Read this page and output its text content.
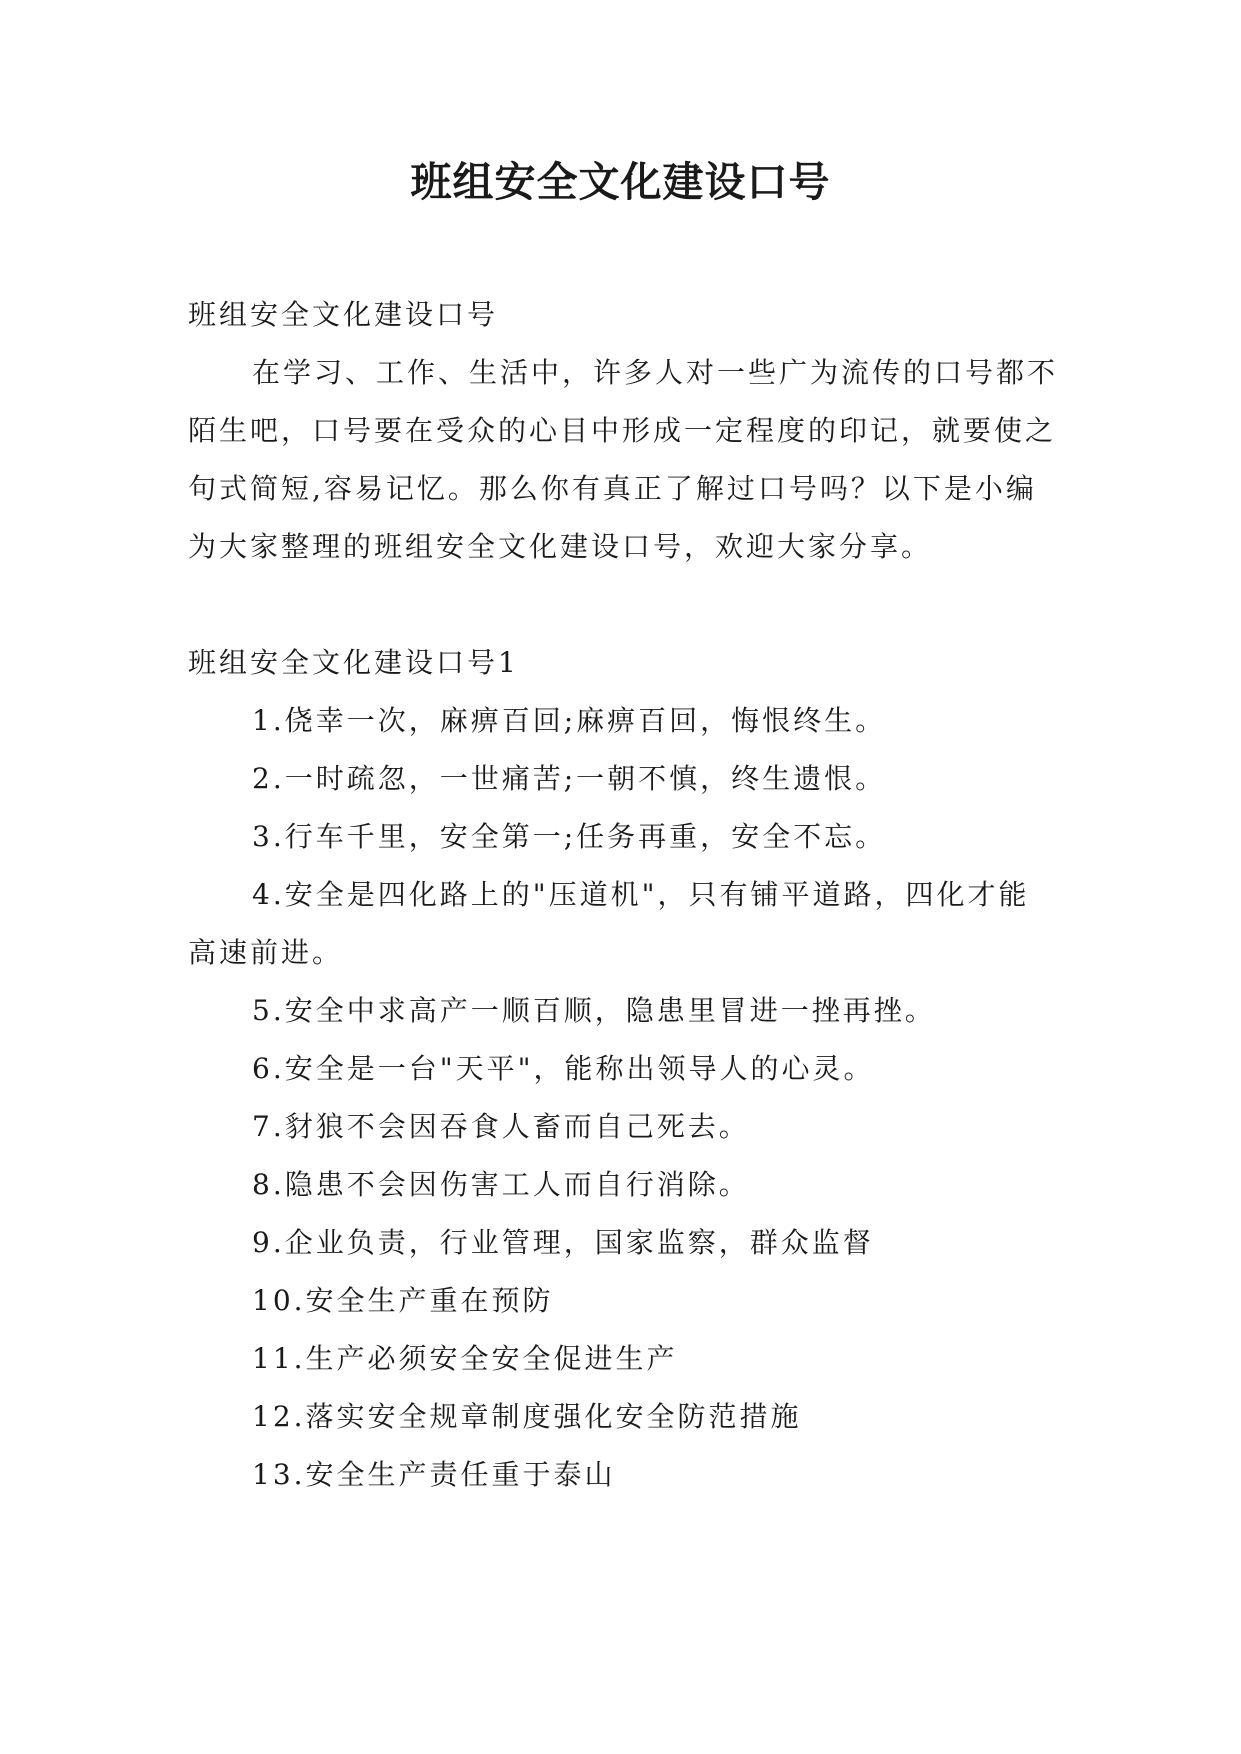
班组安全文化建设口号

班组安全文化建设口号

在学习、工作、生活中，许多人对一些广为流传的口号都不陌生吧，口号要在受众的心目中形成一定程度的印记，就要使之句式简短,容易记忆。那么你有真正了解过口号吗？以下是小编为大家整理的班组安全文化建设口号，欢迎大家分享。

班组安全文化建设口号1

1.侥幸一次，麻痹百回;麻痹百回，悔恨终生。

2.一时疏忽，一世痛苦;一朝不慎，终生遗恨。

3.行车千里，安全第一;任务再重，安全不忘。

4.安全是四化路上的"压道机"，只有铺平道路，四化才能高速前进。

5.安全中求高产一顺百顺，隐患里冒进一挫再挫。

6.安全是一台"天平"，能称出领导人的心灵。

7.豺狼不会因吞食人畜而自己死去。

8.隐患不会因伤害工人而自行消除。

9.企业负责，行业管理，国家监察，群众监督

10.安全生产重在预防

11.生产必须安全安全促进生产

12.落实安全规章制度强化安全防范措施

13.安全生产责任重于泰山
